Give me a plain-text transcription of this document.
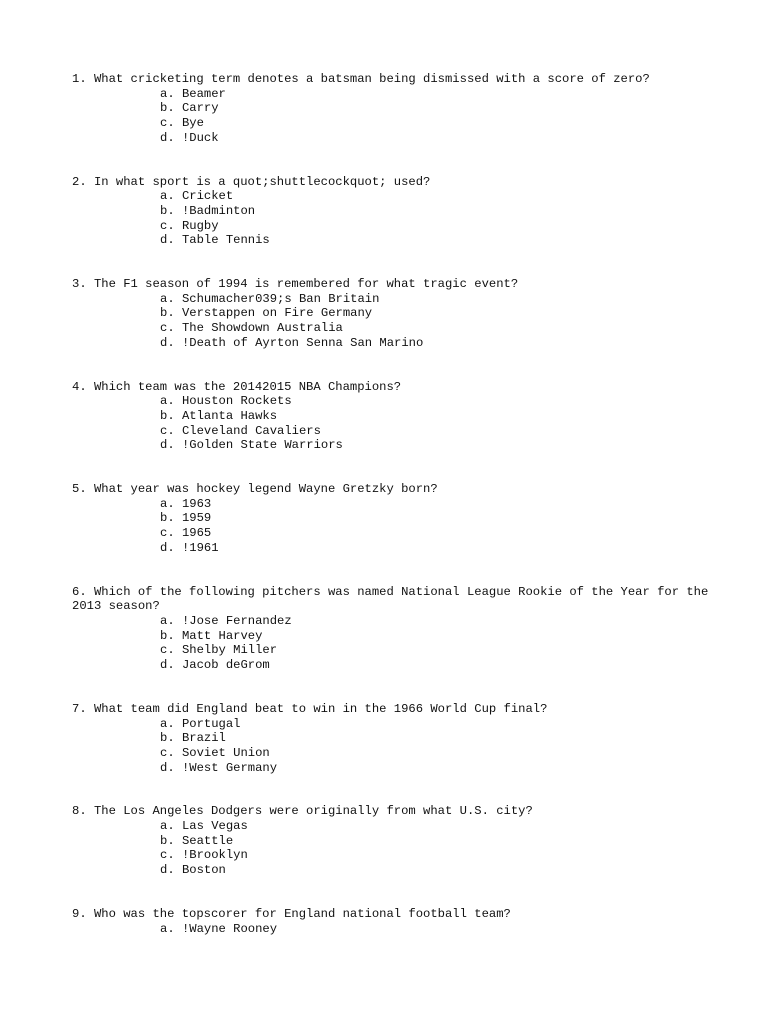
1. What cricketing term denotes a batsman being dismissed with a score of zero?

a. Beamer
b. Carry
c. Bye
d. !Duck

2. In what sport is a quot;shuttlecockquot; used?

a. Cricket
b. !Badminton
c. Rugby
d. Table Tennis

3. The F1 season of 1994 is remembered for what tragic event?

a. Schumacher039;s Ban Britain
b. Verstappen on Fire Germany
c. The Showdown Australia
d. !Death of Ayrton Senna San Marino

4. Which team was the 20142015 NBA Champions?

a. Houston Rockets
b. Atlanta Hawks
c. Cleveland Cavaliers
d. !Golden State Warriors

5. What year was hockey legend Wayne Gretzky born?

a. 1963
b. 1959
c. 1965
d. !1961

6. Which of the following pitchers was named National League Rookie of the Year for the 2013 season?

a. !Jose Fernandez
b. Matt Harvey
c. Shelby Miller
d. Jacob deGrom

7. What team did England beat to win in the 1966 World Cup final?

a. Portugal
b. Brazil
c. Soviet Union
d. !West Germany

8. The Los Angeles Dodgers were originally from what U.S. city?

a. Las Vegas
b. Seattle
c. !Brooklyn
d. Boston

9. Who was the topscorer for England national football team?

a. !Wayne Rooney
